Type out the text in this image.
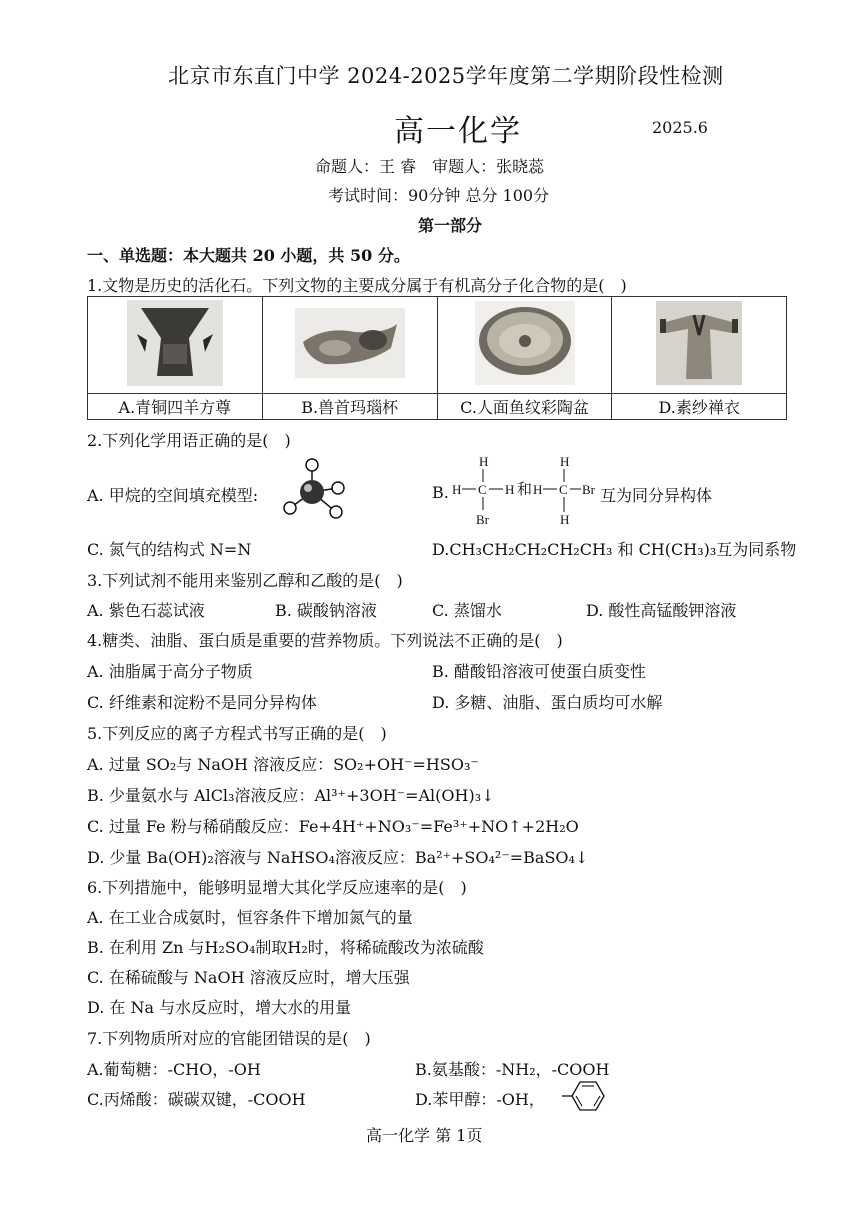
北京市东直门中学 2024-2025学年度第二学期阶段性检测
高一化学	2025.6
命题人：王 睿　审题人：张晓蕊
考试时间：90分钟 总分 100分
第一部分
一、单选题：本大题共 20 小题，共 50 分。
1.文物是历史的活化石。下列文物的主要成分属于有机高分子化合物的是(　)

A.青铜四羊方尊	B.兽首玛瑙杯	C.人面鱼纹彩陶盆	D.素纱禅衣
2.下列化学用语正确的是(　)
A. 甲烷的空间填充模型:	B.
H
H C H
Br
和
H
H C Br
H
互为同分异构体
C. 氮气的结构式 N=N	D.CH₃CH₂CH₂CH₂CH₃ 和 CH(CH₃)₃互为同系物
3.下列试剂不能用来鉴别乙醇和乙酸的是(　)
A. 紫色石蕊试液	B. 碳酸钠溶液	C. 蒸馏水	D. 酸性高锰酸钾溶液
4.糖类、油脂、蛋白质是重要的营养物质。下列说法不正确的是(　)
A. 油脂属于高分子物质	B. 醋酸铅溶液可使蛋白质变性
C. 纤维素和淀粉不是同分异构体	D. 多糖、油脂、蛋白质均可水解
5.下列反应的离子方程式书写正确的是(　)
A. 过量 SO₂与 NaOH 溶液反应：SO₂+OH⁻=HSO₃⁻
B. 少量氨水与 AlCl₃溶液反应：Al³⁺+3OH⁻=Al(OH)₃↓
C. 过量 Fe 粉与稀硝酸反应：Fe+4H⁺+NO₃⁻=Fe³⁺+NO↑+2H₂O
D. 少量 Ba(OH)₂溶液与 NaHSO₄溶液反应：Ba²⁺+SO₄²⁻=BaSO₄↓
6.下列措施中，能够明显增大其化学反应速率的是(　)
A. 在工业合成氨时，恒容条件下增加氮气的量
B. 在利用 Zn 与H₂SO₄制取H₂时，将稀硫酸改为浓硫酸
C. 在稀硫酸与 NaOH 溶液反应时，增大压强
D. 在 Na 与水反应时，增大水的用量
7.下列物质所对应的官能团错误的是(　)
A.葡萄糖：-CHO，-OH	B.氨基酸：-NH₂，-COOH
C.丙烯酸：碳碳双键，-COOH	D.苯甲醇：-OH，
高一化学 第 1页
